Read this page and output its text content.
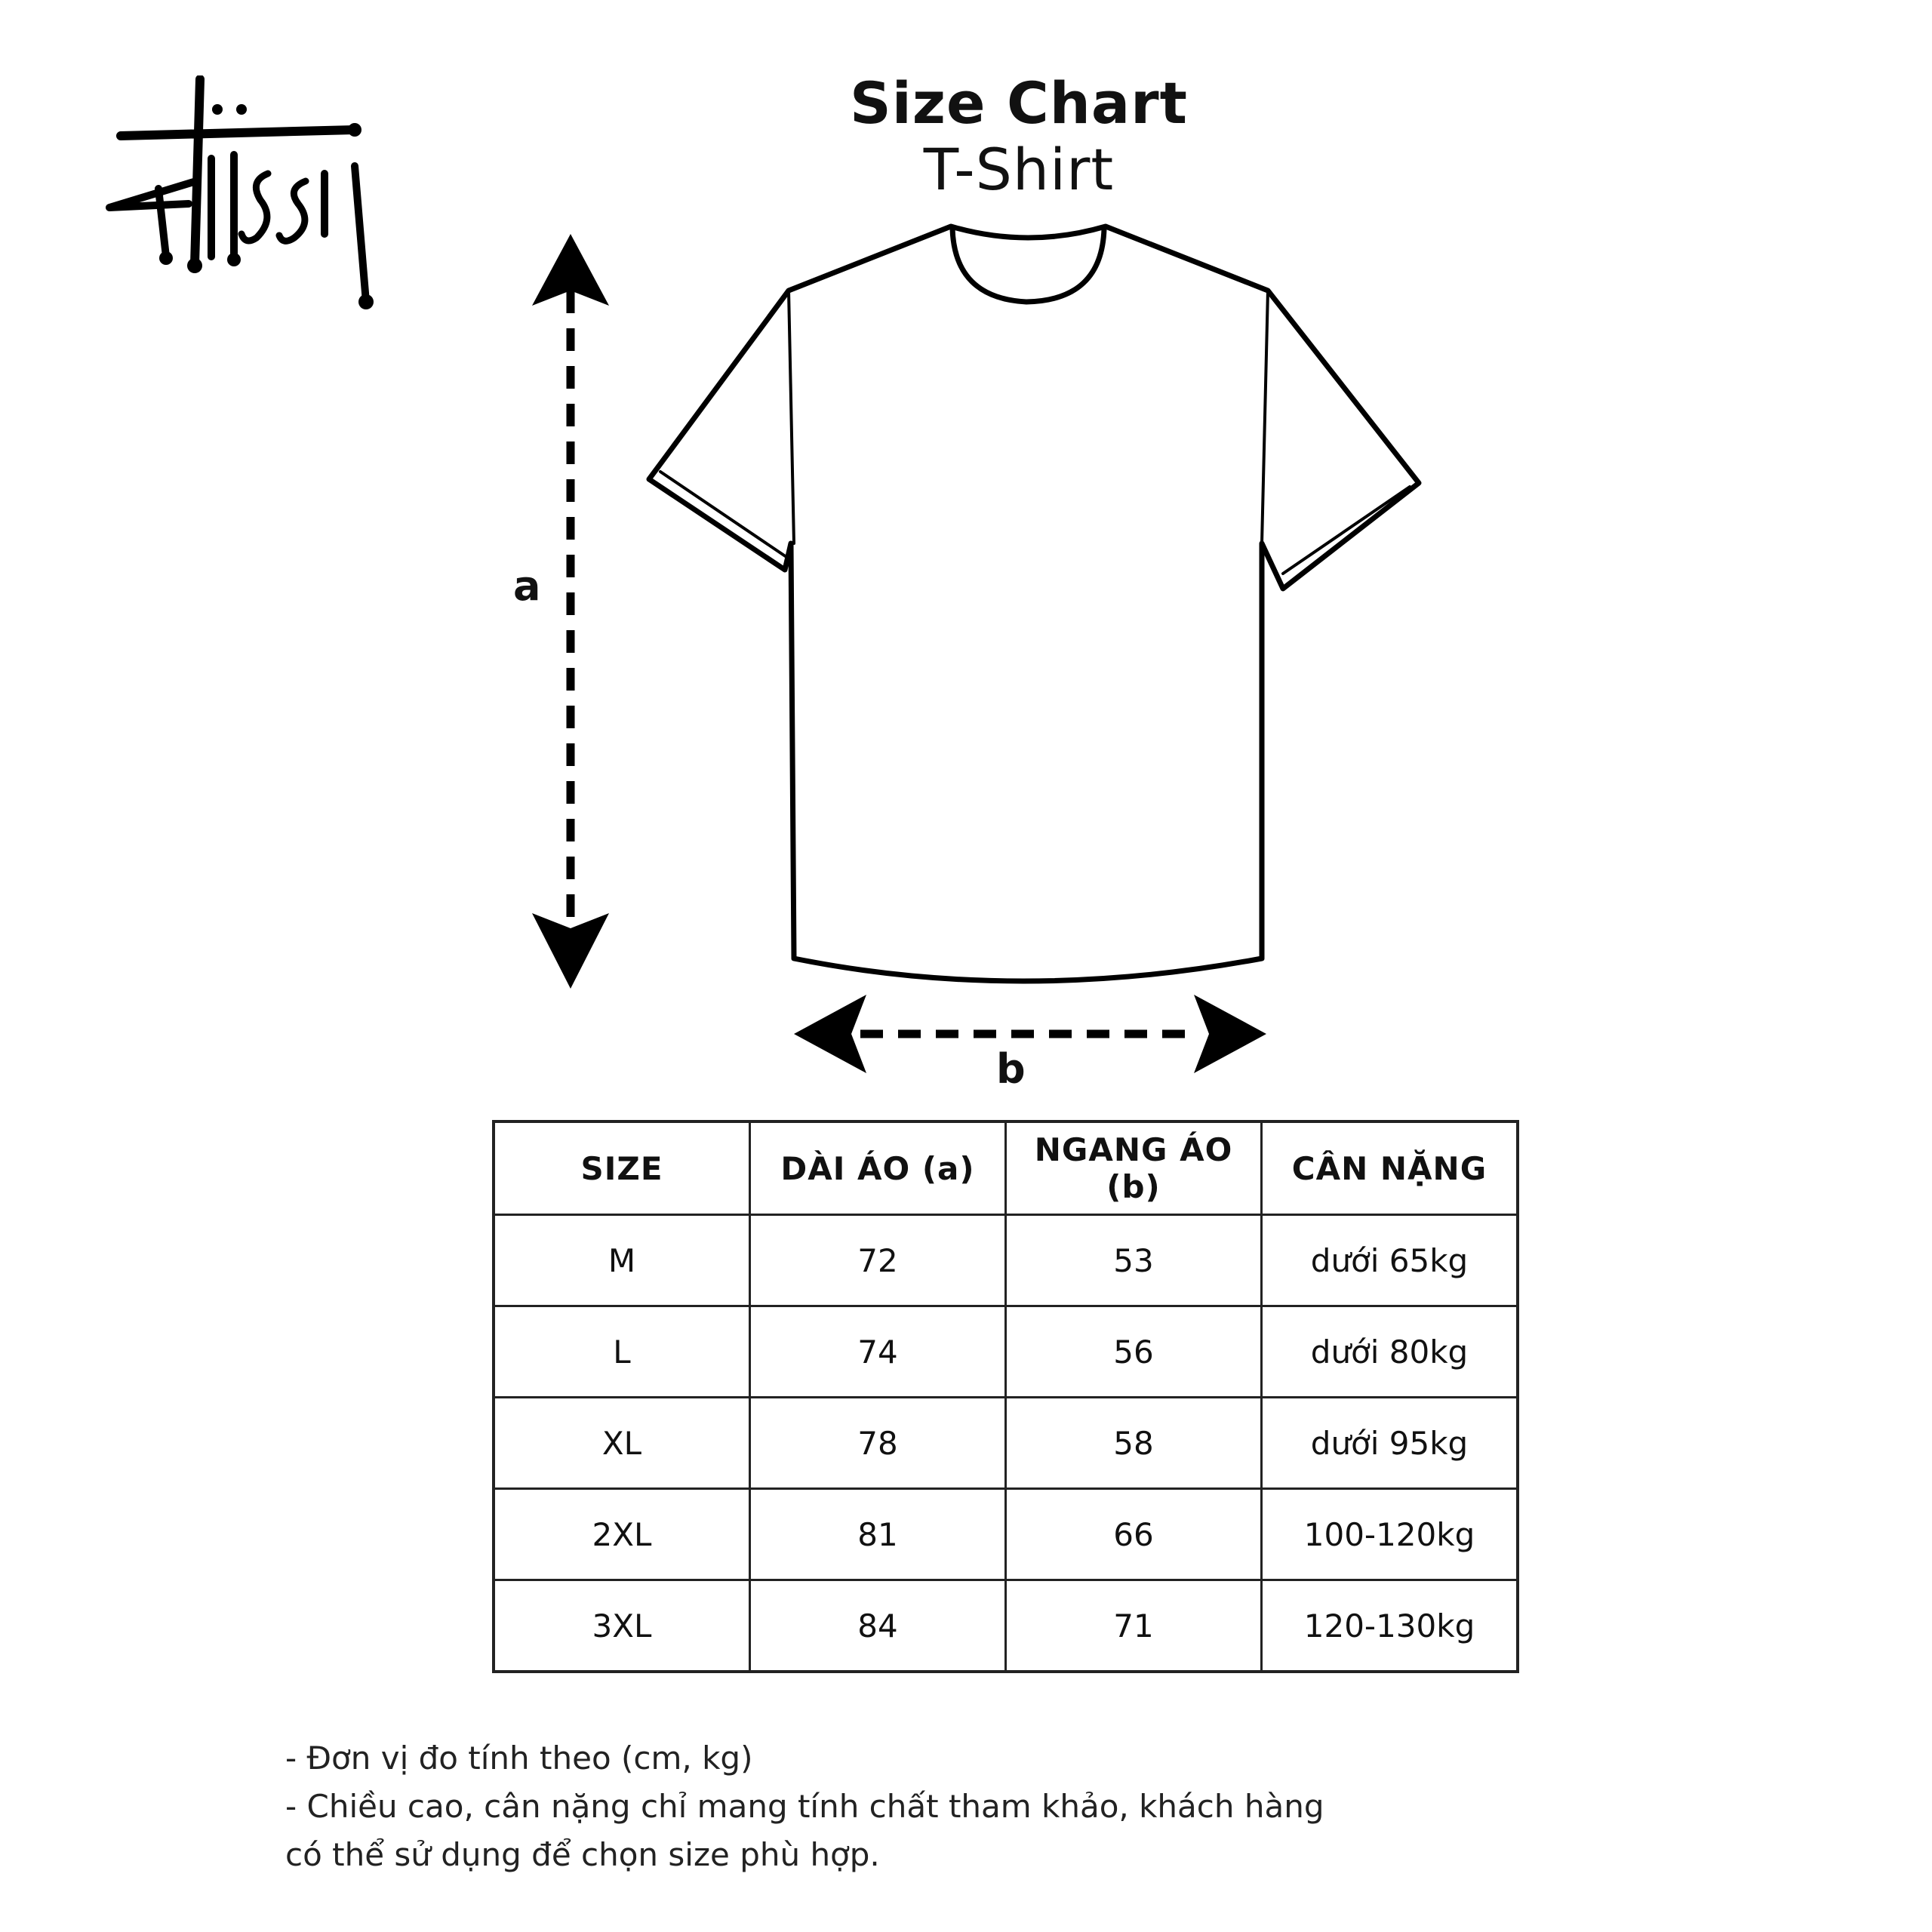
Size Chart
T-Shirt
a
b
SIZE	DÀI ÁO (a)	NGANG ÁO (b)	CÂN NẶNG
M	72	53	dưới 65kg
L	74	56	dưới 80kg
XL	78	58	dưới 95kg
2XL	81	66	100-120kg
3XL	84	71	120-130kg

- Đơn vị đo tính theo (cm, kg)

- Chiều cao, cân nặng chỉ mang tính chất tham khảo, khách hàng

có thể sử dụng để chọn size phù hợp.
